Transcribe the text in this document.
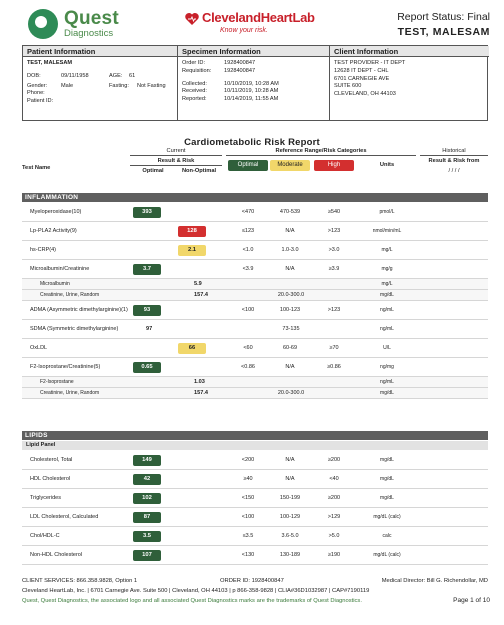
Quest
Diagnostics
ClevelandHeartLab
Know your risk.
Report Status: Final
TEST, MALESAM
Patient Information
TEST, MALESAM
DOB:	09/11/1958	AGE:	61
Gender:	Male	Fasting:	Not Fasting
Phone:
Patient ID:
Specimen Information
Order ID:	1928400847
Requisition:	1928400847
Collected:	10/10/2019, 10:28 AM
Received:	10/11/2019, 10:28 AM
Reported:	10/14/2019, 11:55 AM
Client Information
TEST PROVIDER - IT DEPT
12628 IT DEPT - CHL
6701 CARNEGIE AVE
SUITE 600
CLEVELAND, OH 44103
Cardiometabolic Risk Report
Test Name
Current
Result & Risk
Optimal	Non-Optimal
Reference Range/Risk Categories
Optimal	Moderate	High	Units
Historical
Result & Risk from
/ / / /
INFLAMMATION
Myeloperoxidase(10)	393	<470	470-539	≥540	pmol/L
Lp-PLA2 Activity(9)	128	≤123	N/A	>123	nmol/min/mL
hs-CRP(4)	2.1	<1.0	1.0-3.0	>3.0	mg/L
Microalbumin/Creatinine	3.7	<3.9	N/A	≥3.9	mg/g
Microalbumin	5.9	mg/L
Creatinine, Urine, Random	157.4	20.0-300.0	mg/dL
ADMA (Asymmetric dimethylarginine)(1)	93	<100	100-123	>123	ng/mL
SDMA (Symmetric dimethylarginine)	97	73-135	ng/mL
OxLDL	66	<60	60-69	≥70	U/L
F2-Isoprostane/Creatinine(5)	0.65	<0.86	N/A	≥0.86	ng/mg
F2-Isoprostane	1.03	ng/mL
Creatinine, Urine, Random	157.4	20.0-300.0	mg/dL
LIPIDS
Lipid Panel
Cholesterol, Total	149	<200	N/A	≥200	mg/dL
HDL Cholesterol	42	≥40	N/A	<40	mg/dL
Triglycerides	102	<150	150-199	≥200	mg/dL
LDL Cholesterol, Calculated	87	<100	100-129	>129	mg/dL (calc)
Chol/HDL-C	3.5	≤3.5	3.6-5.0	>5.0	calc
Non-HDL Cholesterol	107	<130	130-189	≥190	mg/dL (calc)
CLIENT SERVICES: 866.358.9828, Option 1	ORDER ID: 1928400847	Medical Director: Bill G. Richendollar, MD
Cleveland HeartLab, Inc. | 6701 Carnegie Ave. Suite 500 | Cleveland, OH 44103 | p 866-358-9828 | CLIA#36D1032987 | CAP#7190119
Quest, Quest Diagnostics, the associated logo and all associated Quest Diagnostics marks are the trademarks of Quest Diagnostics.	Page 1 of 10
